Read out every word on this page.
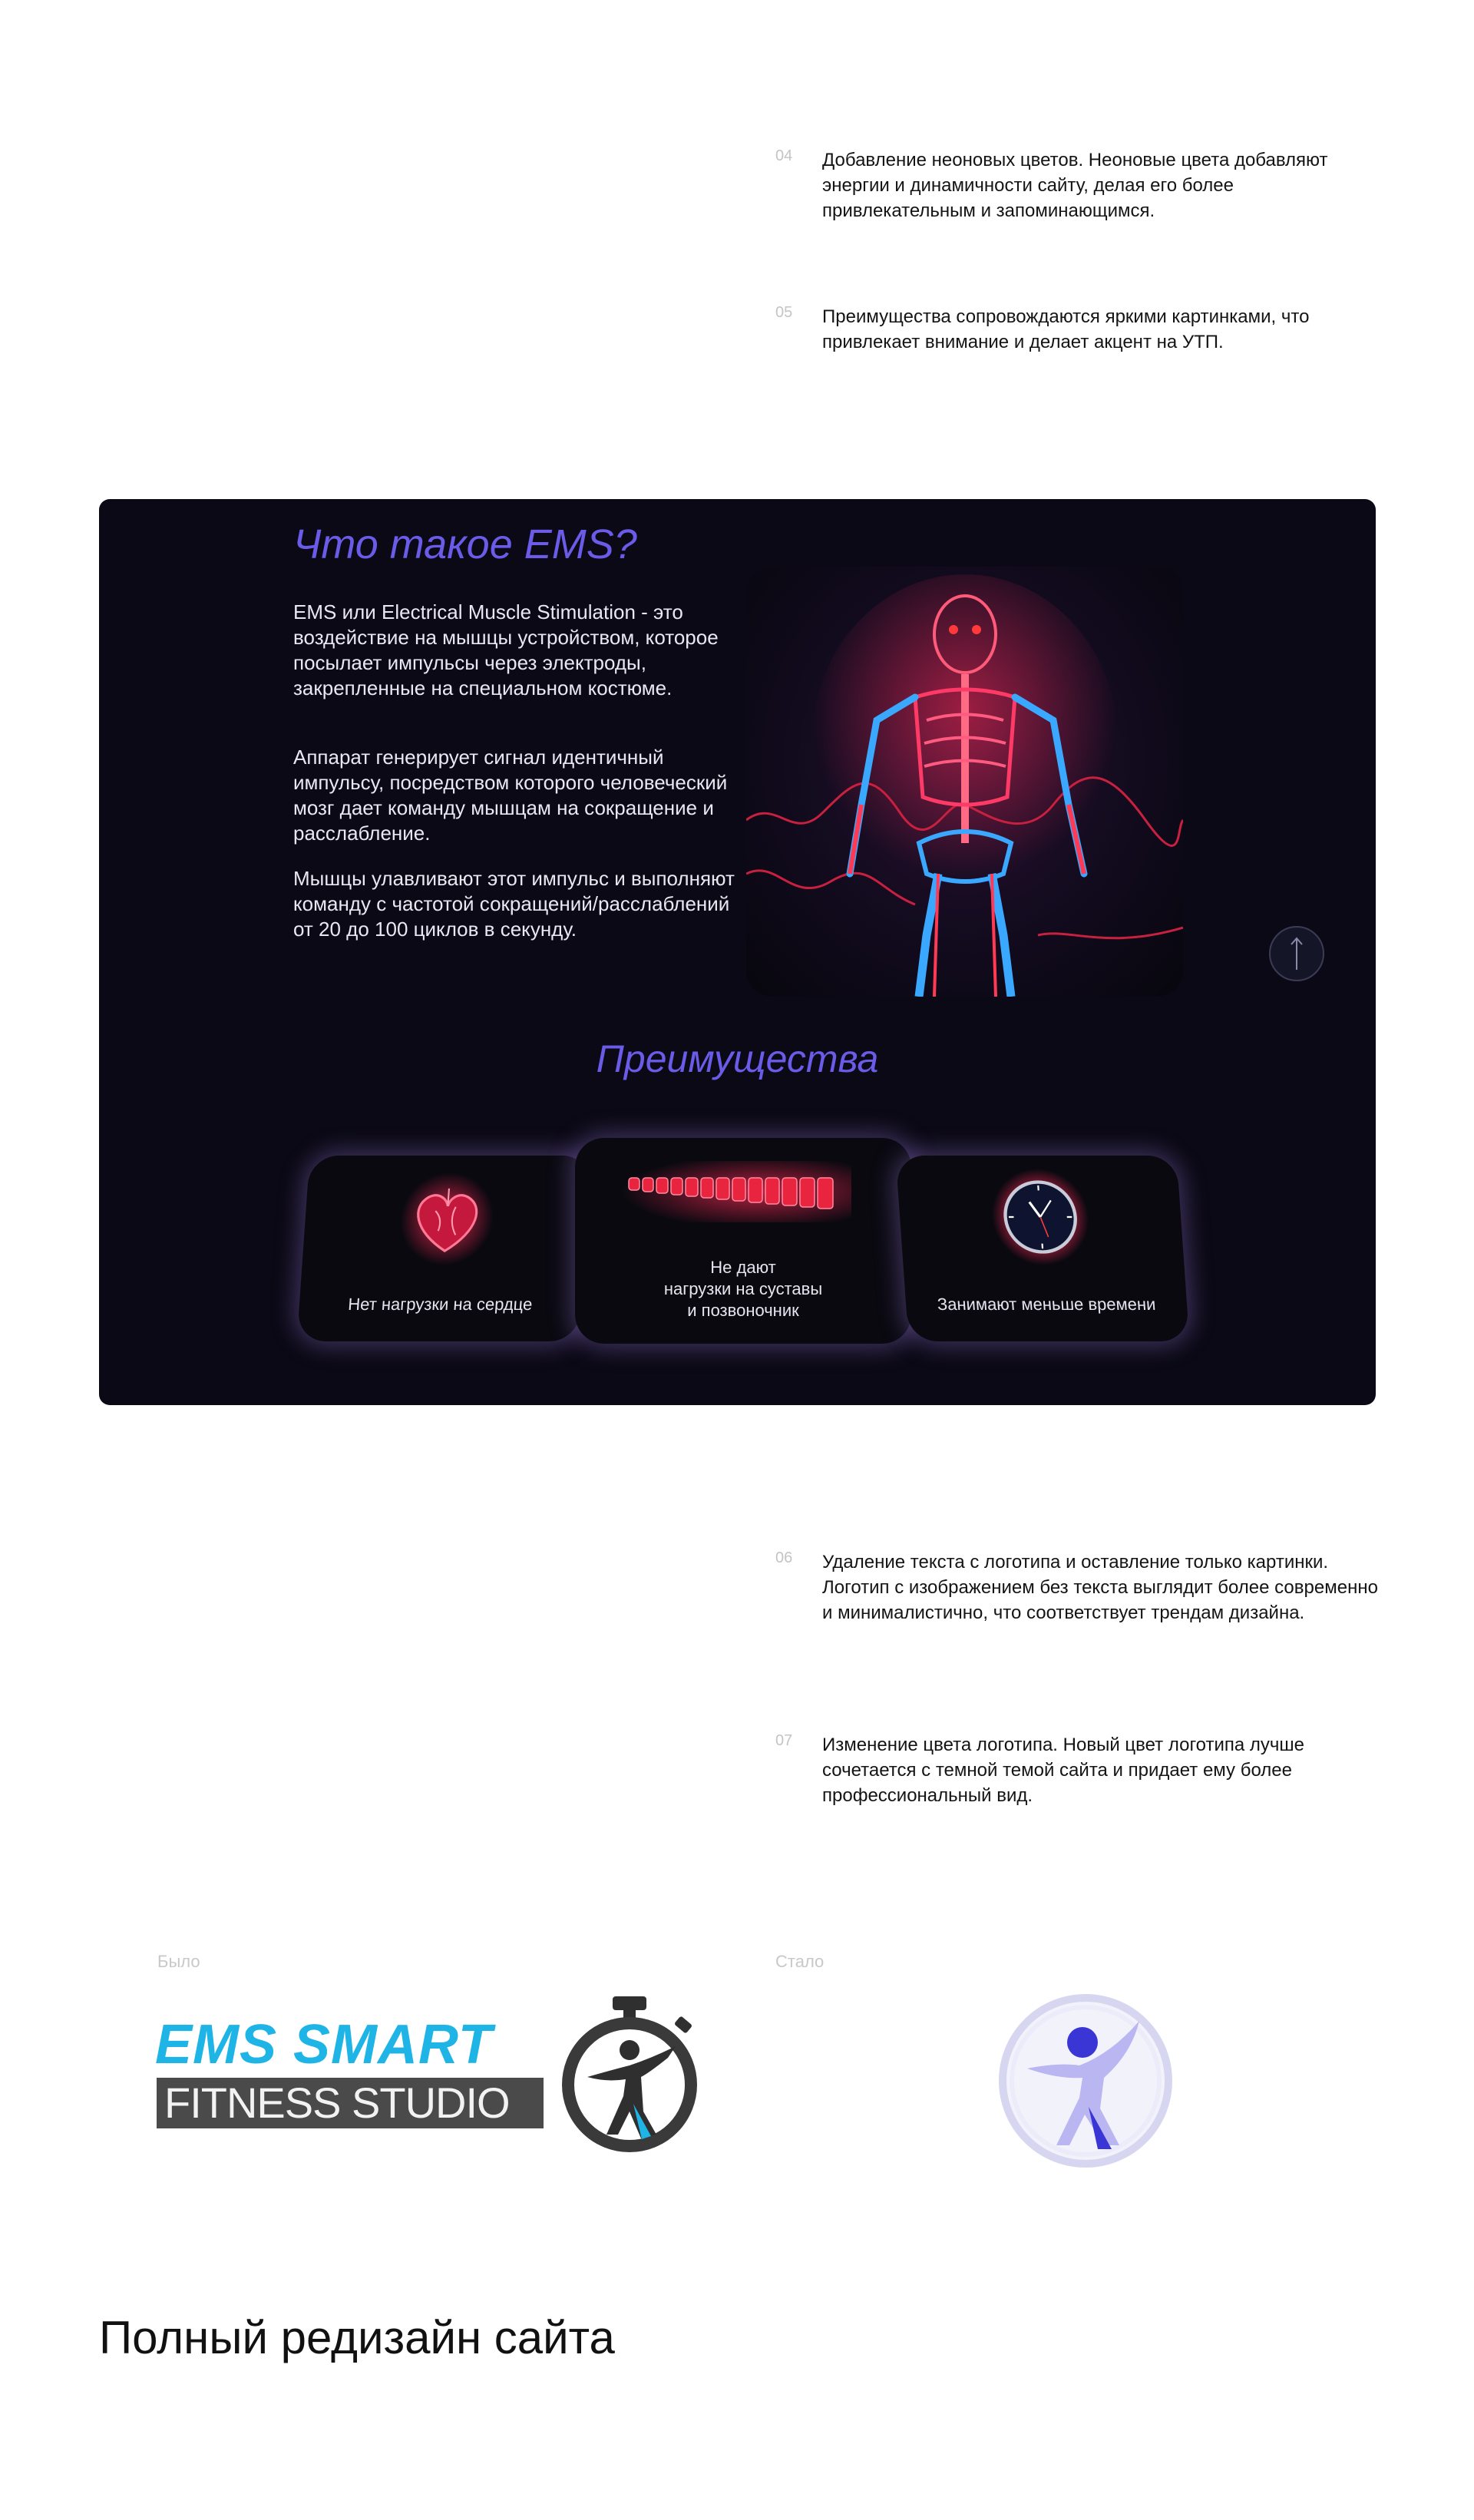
04 Добавление неоновых цветов. Неоновые цвета добавляют энергии и динамичности сайту, делая его более привлекательным и запоминающимся.

05 Преимущества сопровождаются яркими картинками, что привлекает внимание и делает акцент на УТП.

Что такое EMS?

EMS или Electrical Muscle Stimulation - это воздействие на мышцы устройством, которое посылает импульсы через электроды, закрепленные на специальном костюме.

Аппарат генерирует сигнал идентичный импульсу, посредством которого человеческий мозг дает команду мышцам на сокращение и расслабление.

Мышцы улавливают этот импульс и выполняют команду с частотой сокращений/расслаблений от 20 до 100 циклов в секунду.

Преимущества
Нет нагрузки на сердце
Не дают
нагрузки на суставы
и позвоночник	Занимают меньше времени
06 Удаление текста с логотипа и оставление только картинки. Логотип с изображением без текста выглядит более современно и минималистично, что соответствует трендам дизайна.

07 Изменение цвета логотипа. Новый цвет логотипа лучше сочетается с темной темой сайта и придает ему более профессиональный вид.

Было	Стало
EMS SMART
FITNESS STUDIO
Полный редизайн сайта
